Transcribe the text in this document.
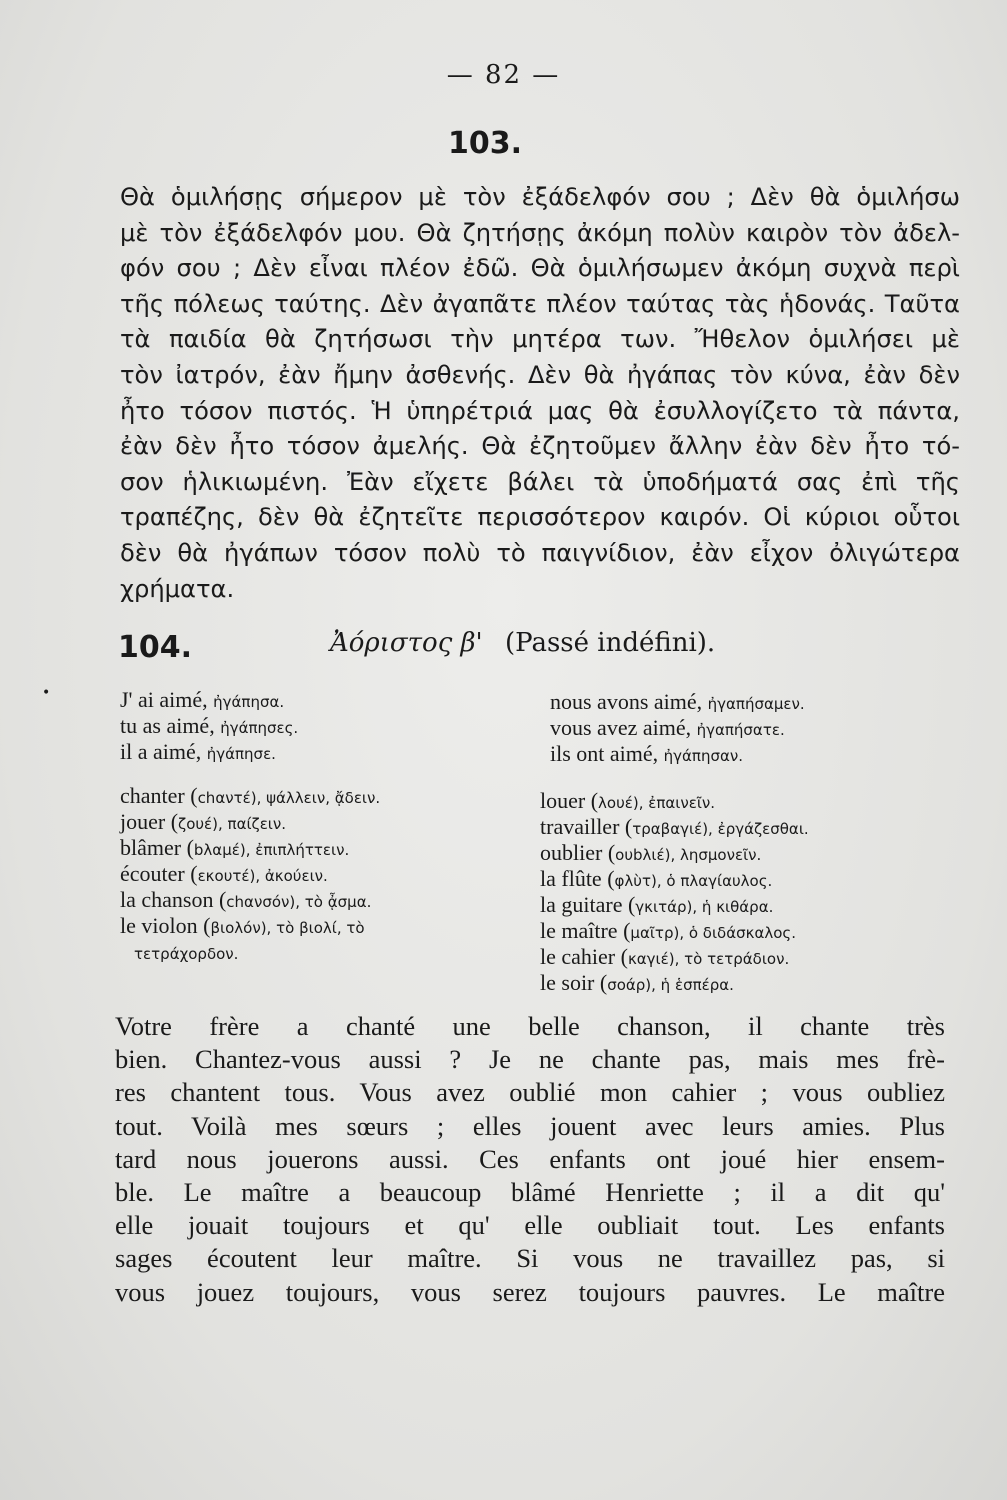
— 82 —
103.
Θὰ ὁμιλήσῃς σήμερον μὲ τὸν ἐξάδελφόν σου ; Δὲν θὰ ὁμιλήσω
μὲ τὸν ἐξάδελφόν μου. Θὰ ζητήσῃς ἀκόμη πολὺν καιρὸν τὸν ἀδελ-
φόν σου ; Δὲν εἶναι πλέον ἐδῶ. Θὰ ὁμιλήσωμεν ἀκόμη συχνὰ περὶ
τῆς πόλεως ταύτης. Δὲν ἀγαπᾶτε πλέον ταύτας τὰς ἡδονάς. Ταῦτα
τὰ παιδία θὰ ζητήσωσι τὴν μητέρα των. Ἤθελον ὁμιλήσει μὲ
τὸν ἰατρόν, ἐὰν ἤμην ἀσθενής. Δὲν θὰ ἠγάπας τὸν κύνα, ἐὰν δὲν
ἦτο τόσον πιστός. Ἡ ὑπηρέτριά μας θὰ ἐσυλλογίζετο τὰ πάντα,
ἐὰν δὲν ἦτο τόσον ἀμελής. Θὰ ἐζητοῦμεν ἄλλην ἐὰν δὲν ἦτο τό-
σον ἡλικιωμένη. Ἐὰν εἴχετε βάλει τὰ ὑποδήματά σας ἐπὶ τῆς
τραπέζης, δὲν θὰ ἐζητεῖτε περισσότερον καιρόν. Οἱ κύριοι οὗτοι
δὲν θὰ ἠγάπων τόσον πολὺ τὸ παιγνίδιον, ἐὰν εἶχον ὀλιγώτερα
χρήματα.
104.	Ἀόριστος β' (Passé indéfini).
•	J' ai aimé, ἠγάπησα.
tu as aimé, ἠγάπησες.
il a aimé, ἠγάπησε.
nous avons aimé, ἠγαπήσαμεν.
vous avez aimé, ἠγαπήσατε.
ils ont aimé, ἠγάπησαν.
chanter (chαντέ), ψάλλειν, ᾄδειν.
jouer (ζουέ), παίζειν.
blâmer (bλαμέ), ἐπιπλήττειν.
écouter (εκουτέ), ἀκούειν.
la chanson (chανσόν), τὸ ᾆσμα.
le violon (βιολόν), τὸ βιολί, τὸ
τετράχορδον.
louer (λουέ), ἐπαινεῖν.
travailler (τραβαγιέ), ἐργάζεσθαι.
oublier (ουbλιέ), λησμονεῖν.
la flûte (φλὺτ), ὁ πλαγίαυλος.
la guitare (γκιτάρ), ἡ κιθάρα.
le maître (μαῖτρ), ὁ διδάσκαλος.
le cahier (καγιέ), τὸ τετράδιον.
le soir (σοάρ), ἡ ἑσπέρα.
Votre frère a chanté une belle chanson, il chante très
bien. Chantez-vous aussi ? Je ne chante pas, mais mes frè-
res chantent tous. Vous avez oublié mon cahier ; vous oubliez
tout. Voilà mes sœurs ; elles jouent avec leurs amies. Plus
tard nous jouerons aussi. Ces enfants ont joué hier ensem-
ble. Le maître a beaucoup blâmé Henriette ; il a dit qu'
elle jouait toujours et qu' elle oubliait tout. Les enfants
sages écoutent leur maître. Si vous ne travaillez pas, si
vous jouez toujours, vous serez toujours pauvres. Le maître
